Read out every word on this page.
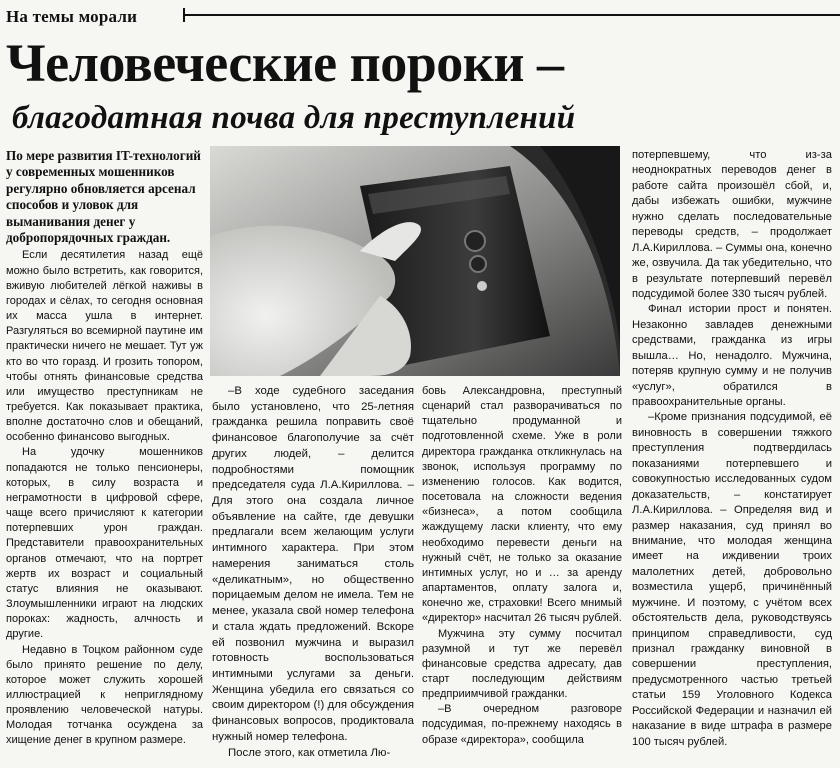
На темы морали
Человеческие пороки –
благодатная почва для преступлений

По мере развития IT-технологий у современных мошенников регулярно обновляется арсенал способов и уловок для выманивания денег у добропорядочных граждан.

Если десятилетия назад ещё можно было встретить, как говорится, вживую любителей лёгкой наживы в городах и сёлах, то сегодня основная их масса ушла в интернет. Разгуляться во всемирной паутине им практически ничего не мешает. Тут уж кто во что горазд. И грозить топором, чтобы отнять финансовые средства или имущество преступникам не требуется. Как показывает практика, вполне достаточно слов и обещаний, особенно финансово выгодных.

На удочку мошенников попадаются не только пенсионеры, которых, в силу возраста и неграмотности в цифровой сфере, чаще всего причисляют к категории потерпевших урон граждан. Представители правоохранительных органов отмечают, что на портрет жертв их возраст и социальный статус влияния не оказывают. Злоумышленники играют на людских пороках: жадность, алчность и другие.

Недавно в Тоцком районном суде было принято решение по делу, которое может служить хорошей иллюстрацией к неприглядному проявлению человеческой натуры. Молодая тотчанка осуждена за хищение денег в крупном размере.

–В ходе судебного заседания было установлено, что 25-летняя гражданка решила поправить своё финансовое благополучие за счёт других людей, – делится подробностями помощник председателя суда Л.А.Кириллова. – Для этого она создала личное объявление на сайте, где девушки предлагали всем желающим услуги интимного характера. При этом намерения заниматься столь «деликатным», но общественно порицаемым делом не имела. Тем не менее, указала свой номер телефона и стала ждать предложений. Вскоре ей позвонил мужчина и выразил готовность воспользоваться интимными услугами за деньги. Женщина убедила его связаться со своим директором (!) для обсуждения финансовых вопросов, продиктовала нужный номер телефона.

После этого, как отметила Лю-

бовь Александровна, преступный сценарий стал разворачиваться по тщательно продуманной и подготовленной схеме. Уже в роли директора гражданка откликнулась на звонок, используя программу по изменению голосов. Как водится, посетовала на сложности ведения «бизнеса», а потом сообщила жаждущему ласки клиенту, что ему необходимо перевести деньги на нужный счёт, не только за оказание интимных услуг, но и … за аренду апартаментов, оплату залога и, конечно же, страховки! Всего мнимый «директор» насчитал 26 тысяч рублей.

Мужчина эту сумму посчитал разумной и тут же перевёл финансовые средства адресату, дав старт последующим действиям предприимчивой гражданки.

–В очередном разговоре подсудимая, по-прежнему находясь в образе «директора», сообщила

потерпевшему, что из-за неоднократных переводов денег в работе сайта произошёл сбой, и, дабы избежать ошибки, мужчине нужно сделать последовательные переводы средств, – продолжает Л.А.Кириллова. – Суммы она, конечно же, озвучила. Да так убедительно, что в результате потерпевший перевёл подсудимой более 330 тысяч рублей.

Финал истории прост и понятен. Незаконно завладев денежными средствами, гражданка из игры вышла… Но, ненадолго. Мужчина, потеряв крупную сумму и не получив «услуг», обратился в правоохранительные органы.

–Кроме признания подсудимой, её виновность в совершении тяжкого преступления подтвердилась показаниями потерпевшего и совокупностью исследованных судом доказательств, – констатирует Л.А.Кириллова. – Определяя вид и размер наказания, суд принял во внимание, что молодая женщина имеет на иждивении троих малолетних детей, добровольно возместила ущерб, причинённый мужчине. И поэтому, с учётом всех обстоятельств дела, руководствуясь принципом справедливости, суд признал гражданку виновной в совершении преступления, предусмотренного частью третьей статьи 159 Уголовного Кодекса Российской Федерации и назначил ей наказание в виде штрафа в размере 100 тысяч рублей.
